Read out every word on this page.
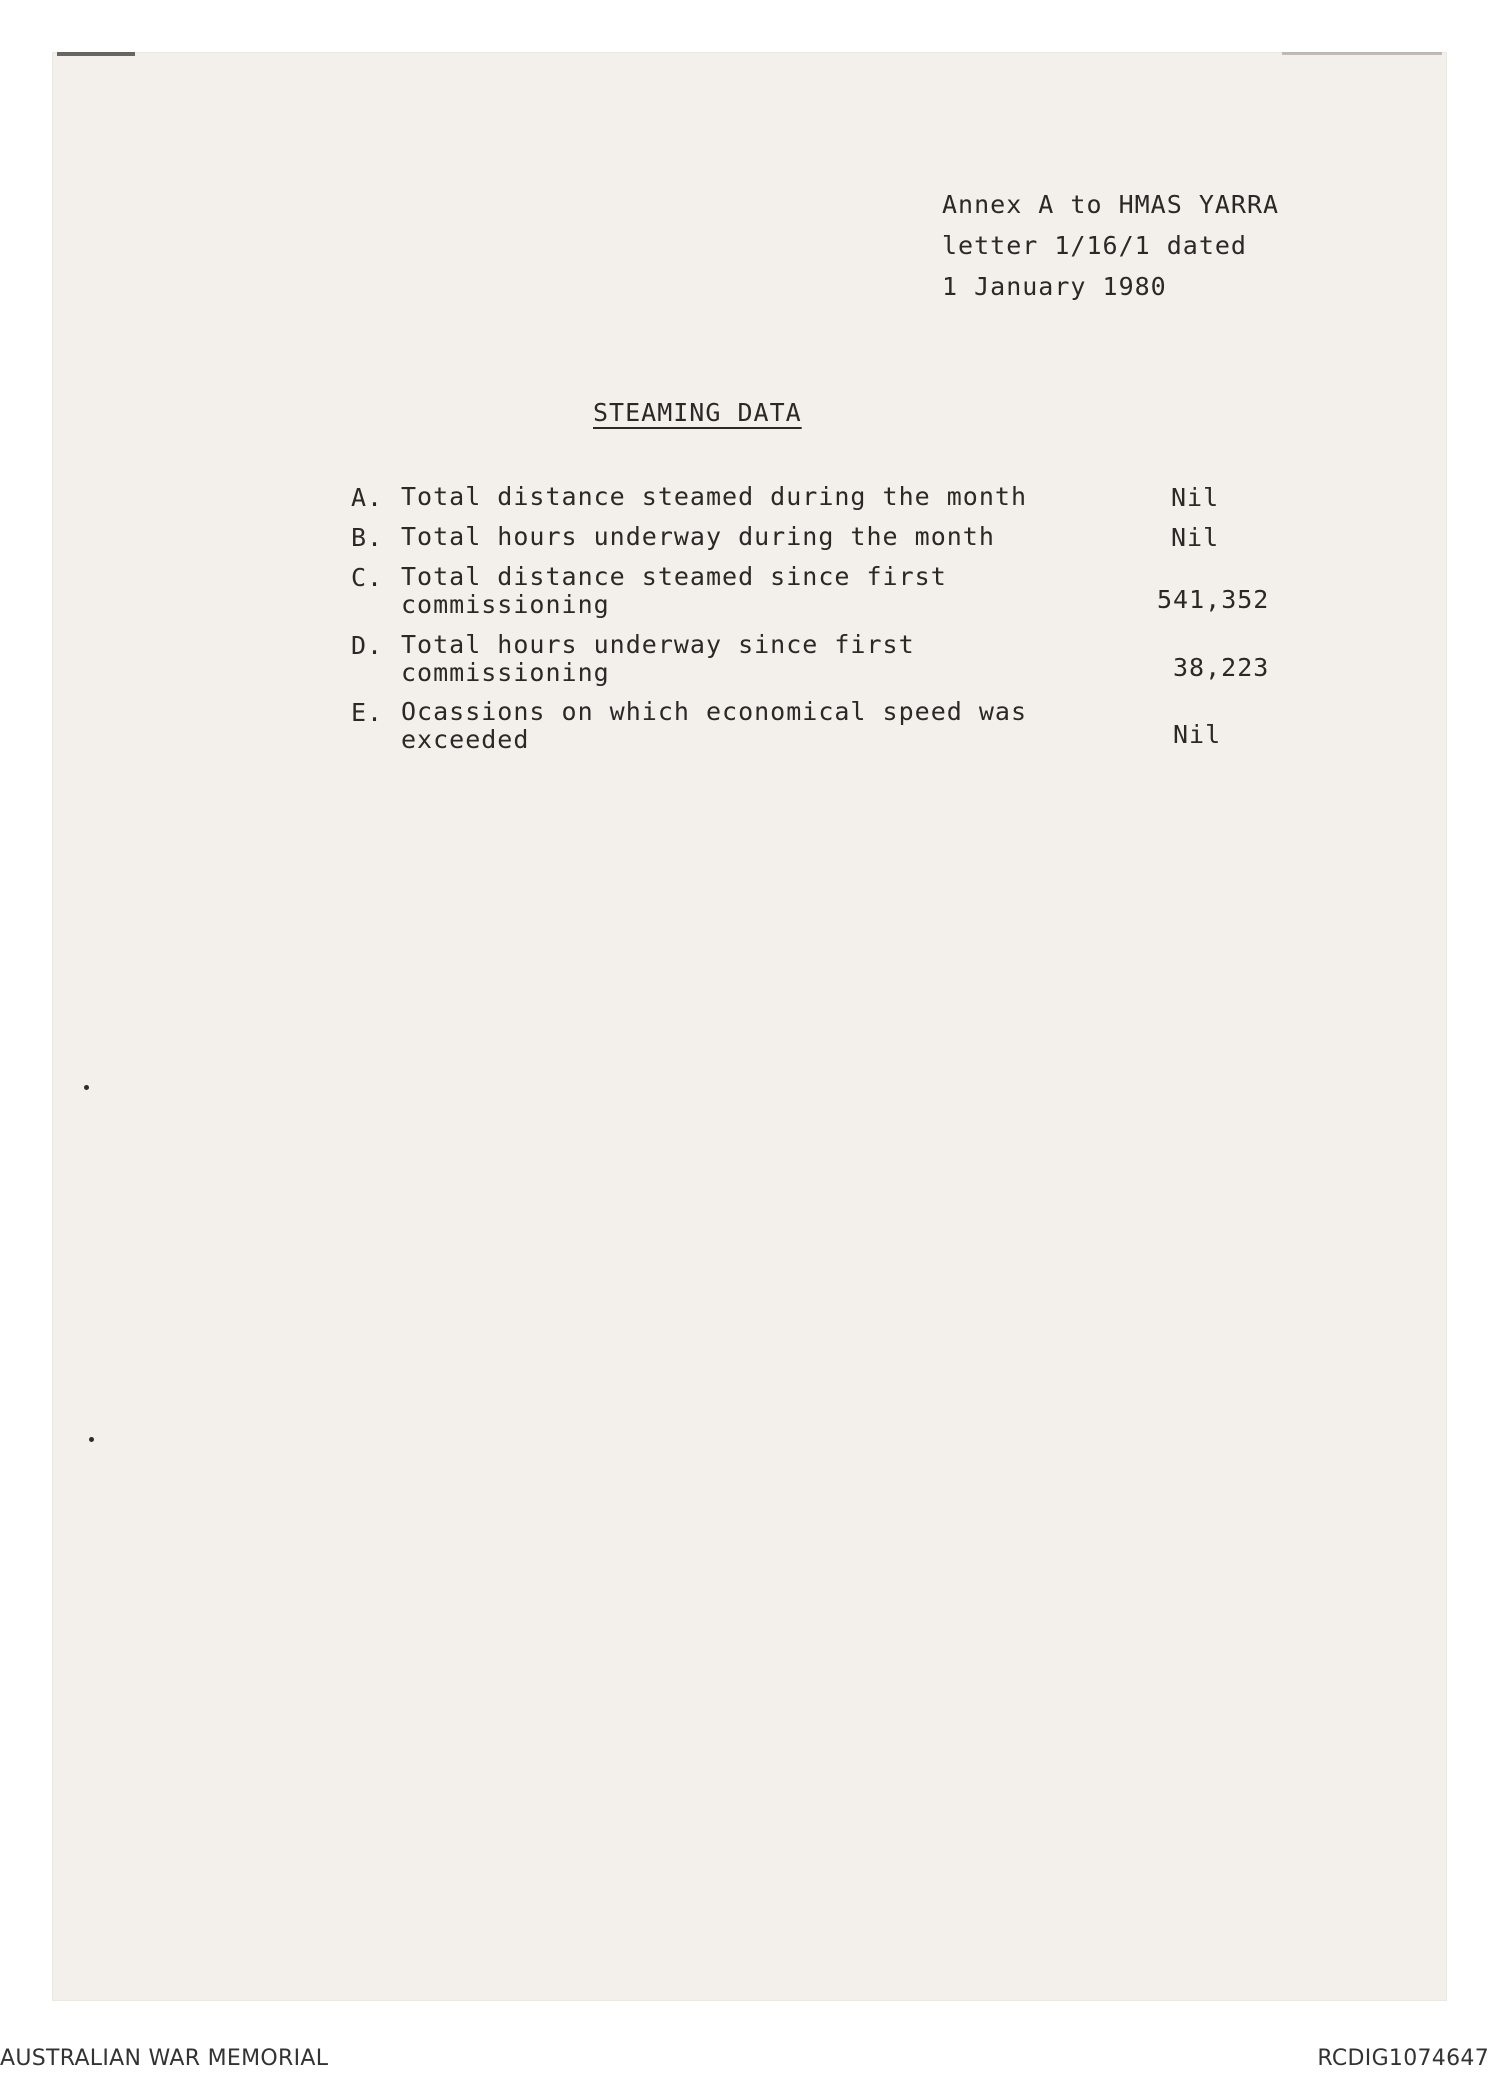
Annex A to HMAS YARRA
letter 1/16/1 dated
1 January 1980
STEAMING DATA
A. Total distance steamed during the month	Nil
B. Total hours underway during the month	Nil
C. Total distance steamed since first
commissioning	541,352
D. Total hours underway since first
commissioning	38,223
E. Ocassions on which economical speed was
exceeded	Nil
AUSTRALIAN WAR MEMORIAL	RCDIG1074647
